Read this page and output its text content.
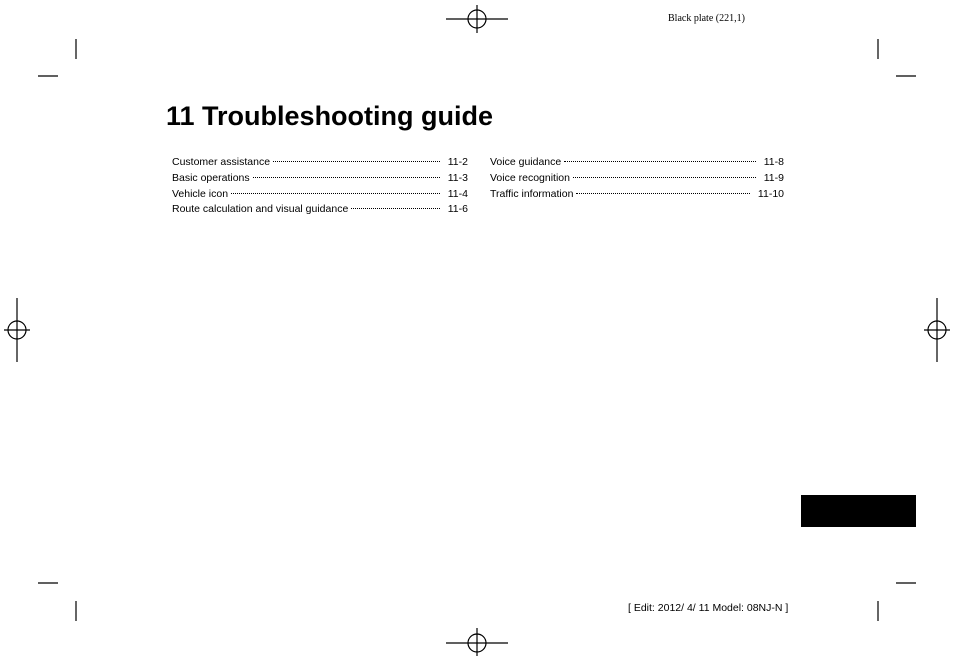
Black plate (221,1)
11 Troubleshooting guide
Customer assistance	11-2
Basic operations	11-3
Vehicle icon	11-4
Route calculation and visual guidance	11-6
Voice guidance	11-8
Voice recognition	11-9
Traffic information	11-10
[ Edit: 2012/ 4/ 11 Model: 08NJ-N ]
